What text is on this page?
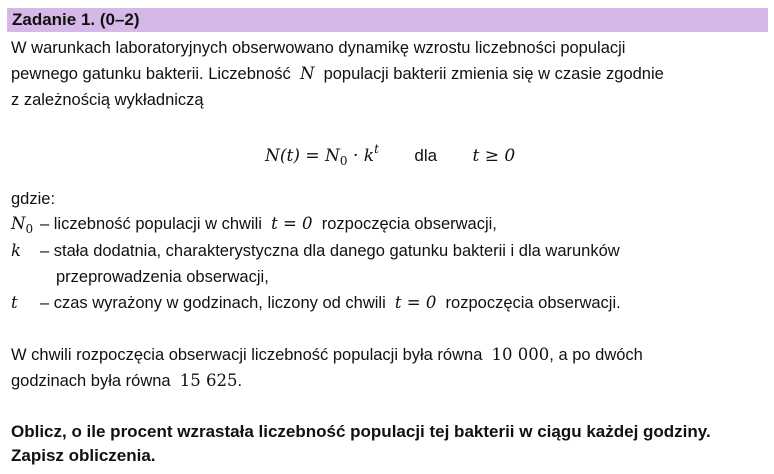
Zadanie 1. (0–2)
W warunkach laboratoryjnych obserwowano dynamikę wzrostu liczebności populacji
pewnego gatunku bakterii. Liczebność N populacji bakterii zmienia się w czasie zgodnie
z zależnością wykładniczą
$N(t) = N_0 \cdot k^t$ dla t ≥ 0
gdzie:
$N_0$ – liczebność populacji w chwili t = 0 rozpoczęcia obserwacji,
k	– stała dodatnia, charakterystyczna dla danego gatunku bakterii i dla warunków
przeprowadzenia obserwacji,
t	– czas wyrażony w godzinach, liczony od chwili t = 0 rozpoczęcia obserwacji.
W chwili rozpoczęcia obserwacji liczebność populacji była równa 10 000, a po dwóch
godzinach była równa 15 625.
Oblicz, o ile procent wzrastała liczebność populacji tej bakterii w ciągu każdej godziny.
Zapisz obliczenia.
